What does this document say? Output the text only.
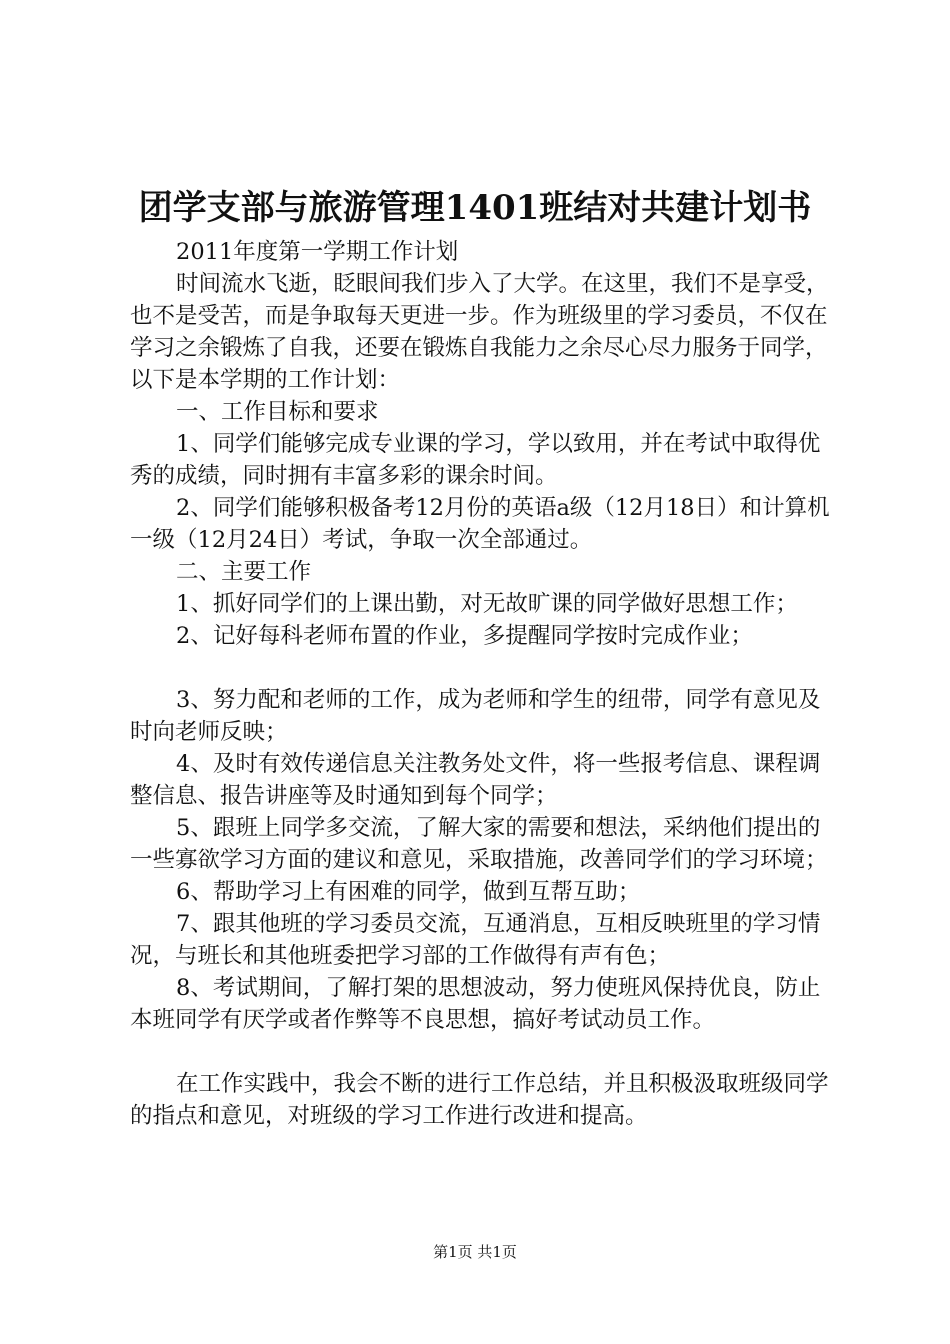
团学支部与旅游管理1401班结对共建计划书

2011年度第一学期工作计划

时间流水飞逝，眨眼间我们步入了大学。在这里，我们不是享受，也不是受苦，而是争取每天更进一步。作为班级里的学习委员，不仅在学习之余锻炼了自我，还要在锻炼自我能力之余尽心尽力服务于同学，以下是本学期的工作计划：

一、工作目标和要求

1、同学们能够完成专业课的学习，学以致用，并在考试中取得优秀的成绩，同时拥有丰富多彩的课余时间。

2、同学们能够积极备考12月份的英语a级（12月18日）和计算机一级（12月24日）考试，争取一次全部通过。

二、主要工作

1、抓好同学们的上课出勤，对无故旷课的同学做好思想工作；

2、记好每科老师布置的作业，多提醒同学按时完成作业；

3、努力配和老师的工作，成为老师和学生的纽带，同学有意见及时向老师反映；

4、及时有效传递信息关注教务处文件，将一些报考信息、课程调整信息、报告讲座等及时通知到每个同学；

5、跟班上同学多交流，了解大家的需要和想法，采纳他们提出的一些寡欲学习方面的建议和意见，采取措施，改善同学们的学习环境；

6、帮助学习上有困难的同学，做到互帮互助；

7、跟其他班的学习委员交流，互通消息，互相反映班里的学习情况，与班长和其他班委把学习部的工作做得有声有色；

8、考试期间，了解打架的思想波动，努力使班风保持优良，防止本班同学有厌学或者作弊等不良思想，搞好考试动员工作。

在工作实践中，我会不断的进行工作总结，并且积极汲取班级同学的指点和意见，对班级的学习工作进行改进和提高。

第1页 共1页
